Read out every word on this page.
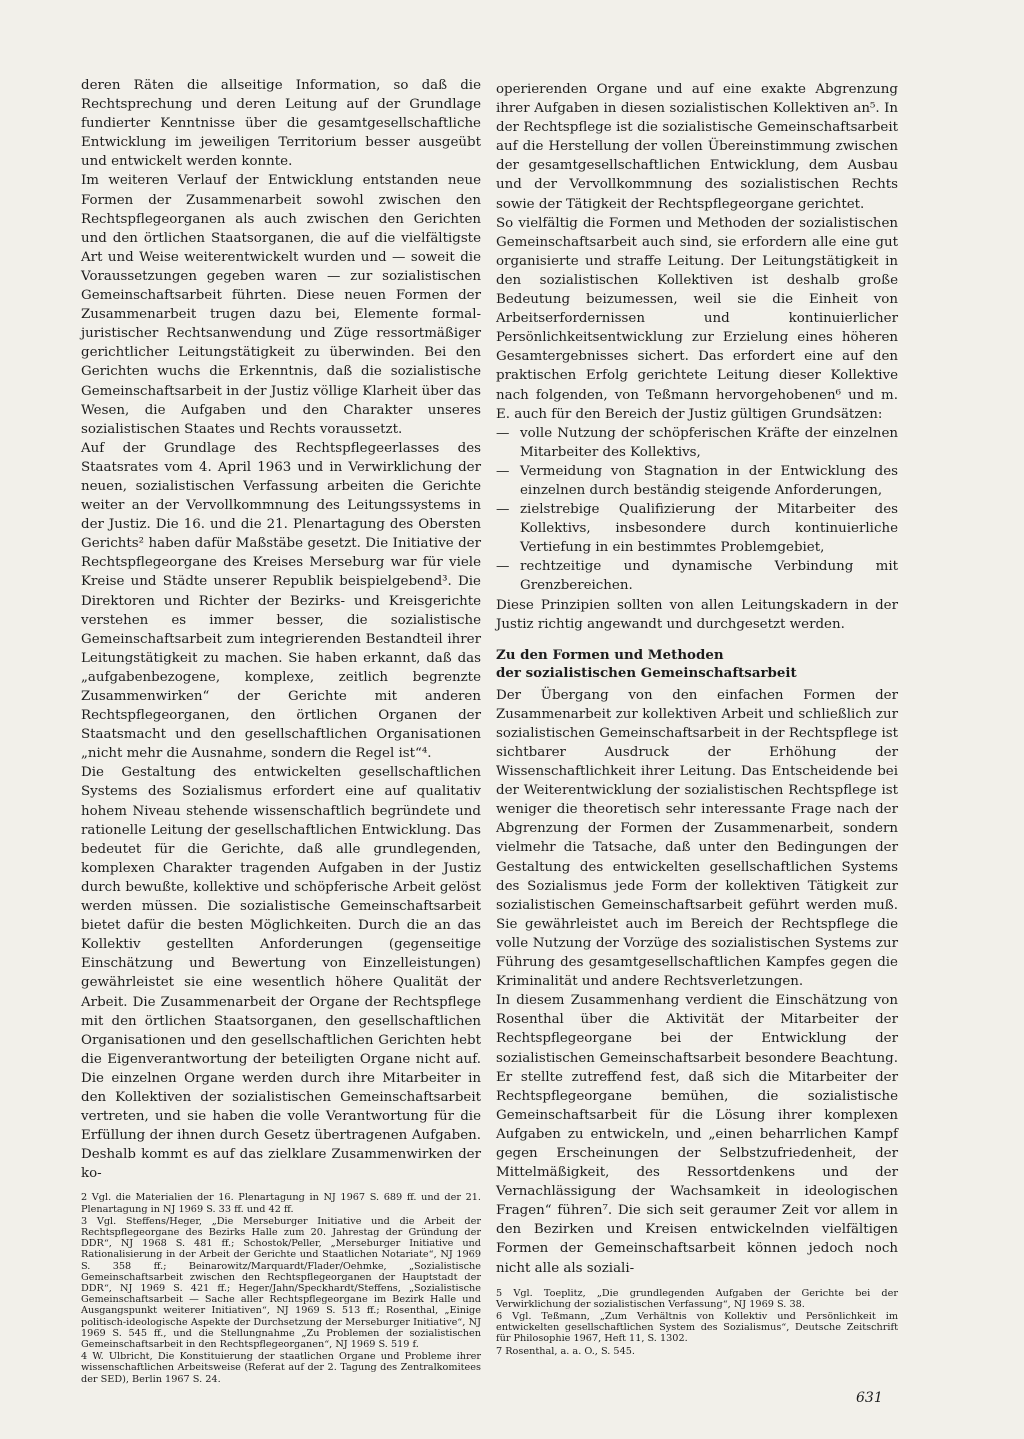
deren Räten die allseitige Information, so daß die Rechtsprechung und deren Leitung auf der Grundlage fundierter Kenntnisse über die gesamtgesellschaftliche Entwicklung im jeweiligen Territorium besser ausgeübt und entwickelt werden konnte.

Im weiteren Verlauf der Entwicklung entstanden neue Formen der Zusammenarbeit sowohl zwischen den Rechtspflegeorganen als auch zwischen den Gerichten und den örtlichen Staatsorganen, die auf die vielfältigste Art und Weise weiterentwickelt wurden und — soweit die Voraussetzungen gegeben waren — zur sozialistischen Gemeinschaftsarbeit führten. Diese neuen Formen der Zusammenarbeit trugen dazu bei, Elemente formal-juristischer Rechtsanwendung und Züge ressortmäßiger gerichtlicher Leitungstätigkeit zu überwinden. Bei den Gerichten wuchs die Erkenntnis, daß die sozialistische Gemeinschaftsarbeit in der Justiz völlige Klarheit über das Wesen, die Aufgaben und den Charakter unseres sozialistischen Staates und Rechts voraussetzt.

Auf der Grundlage des Rechtspflegeerlasses des Staatsrates vom 4. April 1963 und in Verwirklichung der neuen, sozialistischen Verfassung arbeiten die Gerichte weiter an der Vervollkommnung des Leitungssystems in der Justiz. Die 16. und die 21. Plenartagung des Obersten Gerichts² haben dafür Maßstäbe gesetzt. Die Initiative der Rechtspflegeorgane des Kreises Merseburg war für viele Kreise und Städte unserer Republik beispielgebend³. Die Direktoren und Richter der Bezirks- und Kreisgerichte verstehen es immer besser, die sozialistische Gemeinschaftsarbeit zum integrierenden Bestandteil ihrer Leitungstätigkeit zu machen. Sie haben erkannt, daß das „aufgabenbezogene, komplexe, zeitlich begrenzte Zusammenwirken“ der Gerichte mit anderen Rechtspflegeorganen, den örtlichen Organen der Staatsmacht und den gesellschaftlichen Organisationen „nicht mehr die Ausnahme, sondern die Regel ist“⁴.

Die Gestaltung des entwickelten gesellschaftlichen Systems des Sozialismus erfordert eine auf qualitativ hohem Niveau stehende wissenschaftlich begründete und rationelle Leitung der gesellschaftlichen Entwicklung. Das bedeutet für die Gerichte, daß alle grundlegenden, komplexen Charakter tragenden Aufgaben in der Justiz durch bewußte, kollektive und schöpferische Arbeit gelöst werden müssen. Die sozialistische Gemeinschaftsarbeit bietet dafür die besten Möglichkeiten. Durch die an das Kollektiv gestellten Anforderungen (gegenseitige Einschätzung und Bewertung von Einzelleistungen) gewährleistet sie eine wesentlich höhere Qualität der Arbeit. Die Zusammenarbeit der Organe der Rechtspflege mit den örtlichen Staatsorganen, den gesellschaftlichen Organisationen und den gesellschaftlichen Gerichten hebt die Eigenverantwortung der beteiligten Organe nicht auf. Die einzelnen Organe werden durch ihre Mitarbeiter in den Kollektiven der sozialistischen Gemeinschaftsarbeit vertreten, und sie haben die volle Verantwortung für die Erfüllung der ihnen durch Gesetz übertragenen Aufgaben. Deshalb kommt es auf das zielklare Zusammenwirken der ko-

2 Vgl. die Materialien der 16. Plenartagung in NJ 1967 S. 689 ff. und der 21. Plenartagung in NJ 1969 S. 33 ff. und 42 ff.

3 Vgl. Steffens/Heger, „Die Merseburger Initiative und die Arbeit der Rechtspflegeorgane des Bezirks Halle zum 20. Jahrestag der Gründung der DDR“, NJ 1968 S. 481 ff.; Schostok/Peller, „Merseburger Initiative und Rationalisierung in der Arbeit der Gerichte und Staatlichen Notariate“, NJ 1969 S. 358 ff.; Beinarowitz/Marquardt/Flader/Oehmke, „Sozialistische Gemeinschaftsarbeit zwischen den Rechtspflegeorganen der Hauptstadt der DDR“, NJ 1969 S. 421 ff.; Heger/Jahn/Speckhardt/Steffens, „Sozialistische Gemeinschaftsarbeit — Sache aller Rechtspflegeorgane im Bezirk Halle und Ausgangspunkt weiterer Initiativen“, NJ 1969 S. 513 ff.; Rosenthal, „Einige politisch-ideologische Aspekte der Durchsetzung der Merseburger Initiative“, NJ 1969 S. 545 ff., und die Stellungnahme „Zu Problemen der sozialistischen Gemeinschaftsarbeit in den Rechtspflegeorganen“, NJ 1969 S. 519 f.

4 W. Ulbricht, Die Konstituierung der staatlichen Organe und Probleme ihrer wissenschaftlichen Arbeitsweise (Referat auf der 2. Tagung des Zentralkomitees der SED), Berlin 1967 S. 24.

operierenden Organe und auf eine exakte Abgrenzung ihrer Aufgaben in diesen sozialistischen Kollektiven an⁵. In der Rechtspflege ist die sozialistische Gemeinschaftsarbeit auf die Herstellung der vollen Übereinstimmung zwischen der gesamtgesellschaftlichen Entwicklung, dem Ausbau und der Vervollkommnung des sozialistischen Rechts sowie der Tätigkeit der Rechtspflegeorgane gerichtet.

So vielfältig die Formen und Methoden der sozialistischen Gemeinschaftsarbeit auch sind, sie erfordern alle eine gut organisierte und straffe Leitung. Der Leitungstätigkeit in den sozialistischen Kollektiven ist deshalb große Bedeutung beizumessen, weil sie die Einheit von Arbeitserfordernissen und kontinuierlicher Persönlichkeitsentwicklung zur Erzielung eines höheren Gesamtergebnisses sichert. Das erfordert eine auf den praktischen Erfolg gerichtete Leitung dieser Kollektive nach folgenden, von Teßmann hervorgehobenen⁶ und m. E. auch für den Bereich der Justiz gültigen Grundsätzen:

— volle Nutzung der schöpferischen Kräfte der einzelnen Mitarbeiter des Kollektivs,
— Vermeidung von Stagnation in der Entwicklung des einzelnen durch beständig steigende Anforderungen,
— zielstrebige Qualifizierung der Mitarbeiter des Kollektivs, insbesondere durch kontinuierliche Vertiefung in ein bestimmtes Problemgebiet,
— rechtzeitige und dynamische Verbindung mit Grenzbereichen.

Diese Prinzipien sollten von allen Leitungskadern in der Justiz richtig angewandt und durchgesetzt werden.

Zu den Formen und Methoden
der sozialistischen Gemeinschaftsarbeit

Der Übergang von den einfachen Formen der Zusammenarbeit zur kollektiven Arbeit und schließlich zur sozialistischen Gemeinschaftsarbeit in der Rechtspflege ist sichtbarer Ausdruck der Erhöhung der Wissenschaftlichkeit ihrer Leitung. Das Entscheidende bei der Weiterentwicklung der sozialistischen Rechtspflege ist weniger die theoretisch sehr interessante Frage nach der Abgrenzung der Formen der Zusammenarbeit, sondern vielmehr die Tatsache, daß unter den Bedingungen der Gestaltung des entwickelten gesellschaftlichen Systems des Sozialismus jede Form der kollektiven Tätigkeit zur sozialistischen Gemeinschaftsarbeit geführt werden muß. Sie gewährleistet auch im Bereich der Rechtspflege die volle Nutzung der Vorzüge des sozialistischen Systems zur Führung des gesamtgesellschaftlichen Kampfes gegen die Kriminalität und andere Rechtsverletzungen.

In diesem Zusammenhang verdient die Einschätzung von Rosenthal über die Aktivität der Mitarbeiter der Rechtspflegeorgane bei der Entwicklung der sozialistischen Gemeinschaftsarbeit besondere Beachtung. Er stellte zutreffend fest, daß sich die Mitarbeiter der Rechtspflegeorgane bemühen, die sozialistische Gemeinschaftsarbeit für die Lösung ihrer komplexen Aufgaben zu entwickeln, und „einen beharrlichen Kampf gegen Erscheinungen der Selbstzufriedenheit, der Mittelmäßigkeit, des Ressortdenkens und der Vernachlässigung der Wachsamkeit in ideologischen Fragen“ führen⁷. Die sich seit geraumer Zeit vor allem in den Bezirken und Kreisen entwickelnden vielfältigen Formen der Gemeinschaftsarbeit können jedoch noch nicht alle als soziali-

5 Vgl. Toeplitz, „Die grundlegenden Aufgaben der Gerichte bei der Verwirklichung der sozialistischen Verfassung“, NJ 1969 S. 38.

6 Vgl. Teßmann, „Zum Verhältnis von Kollektiv und Persönlichkeit im entwickelten gesellschaftlichen System des Sozialismus“, Deutsche Zeitschrift für Philosophie 1967, Heft 11, S. 1302.

7 Rosenthal, a. a. O., S. 545.

631
